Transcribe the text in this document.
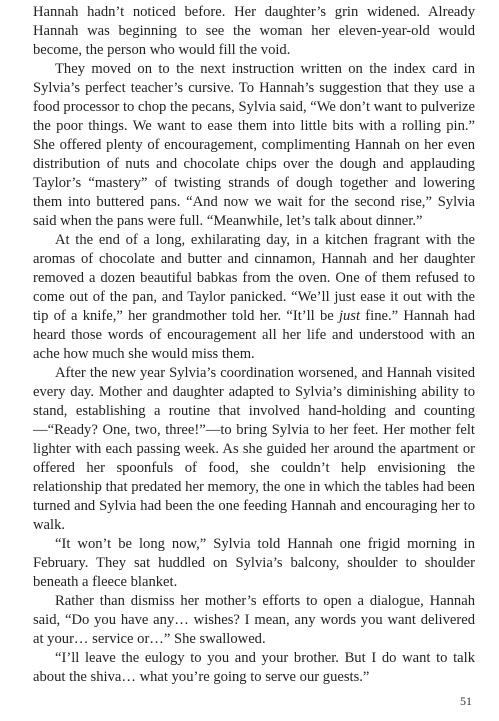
Hannah hadn’t noticed before. Her daughter’s grin widened. Already Hannah was beginning to see the woman her eleven-year-old would become, the person who would fill the void.

They moved on to the next instruction written on the index card in Sylvia’s perfect teacher’s cursive. To Hannah’s suggestion that they use a food processor to chop the pecans, Sylvia said, “We don’t want to pulverize the poor things. We want to ease them into little bits with a rolling pin.” She offered plenty of encouragement, complimenting Hannah on her even distribution of nuts and chocolate chips over the dough and applauding Taylor’s “mastery” of twisting strands of dough together and lowering them into buttered pans. “And now we wait for the second rise,” Sylvia said when the pans were full. “Meanwhile, let’s talk about dinner.”

At the end of a long, exhilarating day, in a kitchen fragrant with the aromas of chocolate and butter and cinnamon, Hannah and her daughter removed a dozen beautiful babkas from the oven. One of them refused to come out of the pan, and Taylor panicked. “We’ll just ease it out with the tip of a knife,” her grandmother told her. “It’ll be just fine.” Hannah had heard those words of encouragement all her life and understood with an ache how much she would miss them.

After the new year Sylvia’s coordination worsened, and Hannah visited every day. Mother and daughter adapted to Sylvia’s diminishing ability to stand, establishing a routine that involved hand-holding and counting—“Ready? One, two, three!”—to bring Sylvia to her feet. Her mother felt lighter with each passing week. As she guided her around the apartment or offered her spoonfuls of food, she couldn’t help envisioning the relationship that predated her memory, the one in which the tables had been turned and Sylvia had been the one feeding Hannah and encouraging her to walk.

“It won’t be long now,” Sylvia told Hannah one frigid morning in February. They sat huddled on Sylvia’s balcony, shoulder to shoulder beneath a fleece blanket.

Rather than dismiss her mother’s efforts to open a dialogue, Hannah said, “Do you have any… wishes? I mean, any words you want delivered at your… service or…” She swallowed.

“I’ll leave the eulogy to you and your brother. But I do want to talk about the shiva… what you’re going to serve our guests.”

51
